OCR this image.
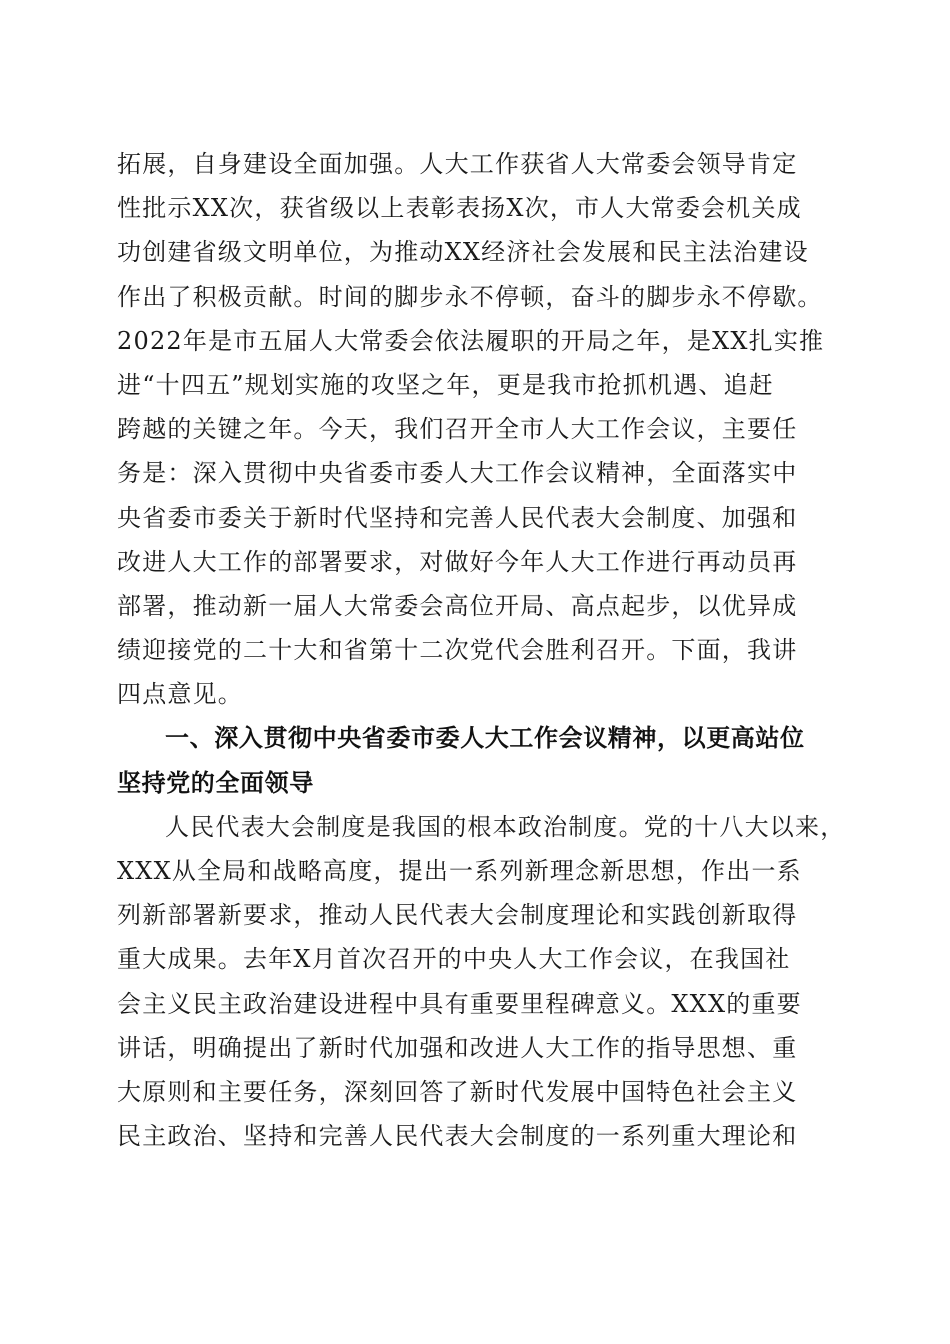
拓展，自身建设全面加强。人大工作获省人大常委会领导肯定
性批示XX次，获省级以上表彰表扬X次，市人大常委会机关成
功创建省级文明单位，为推动XX经济社会发展和民主法治建设
作出了积极贡献。时间的脚步永不停顿，奋斗的脚步永不停歇。
2022年是市五届人大常委会依法履职的开局之年，是XX扎实推
进“十四五”规划实施的攻坚之年，更是我市抢抓机遇、追赶
跨越的关键之年。今天，我们召开全市人大工作会议，主要任
务是：深入贯彻中央省委市委人大工作会议精神，全面落实中
央省委市委关于新时代坚持和完善人民代表大会制度、加强和
改进人大工作的部署要求，对做好今年人大工作进行再动员再
部署，推动新一届人大常委会高位开局、高点起步，以优异成
绩迎接党的二十大和省第十二次党代会胜利召开。下面，我讲
四点意见。
一、深入贯彻中央省委市委人大工作会议精神，以更高站位
坚持党的全面领导
人民代表大会制度是我国的根本政治制度。党的十八大以来，
XXX从全局和战略高度，提出一系列新理念新思想，作出一系
列新部署新要求，推动人民代表大会制度理论和实践创新取得
重大成果。去年X月首次召开的中央人大工作会议，在我国社
会主义民主政治建设进程中具有重要里程碑意义。XXX的重要
讲话，明确提出了新时代加强和改进人大工作的指导思想、重
大原则和主要任务，深刻回答了新时代发展中国特色社会主义
民主政治、坚持和完善人民代表大会制度的一系列重大理论和
